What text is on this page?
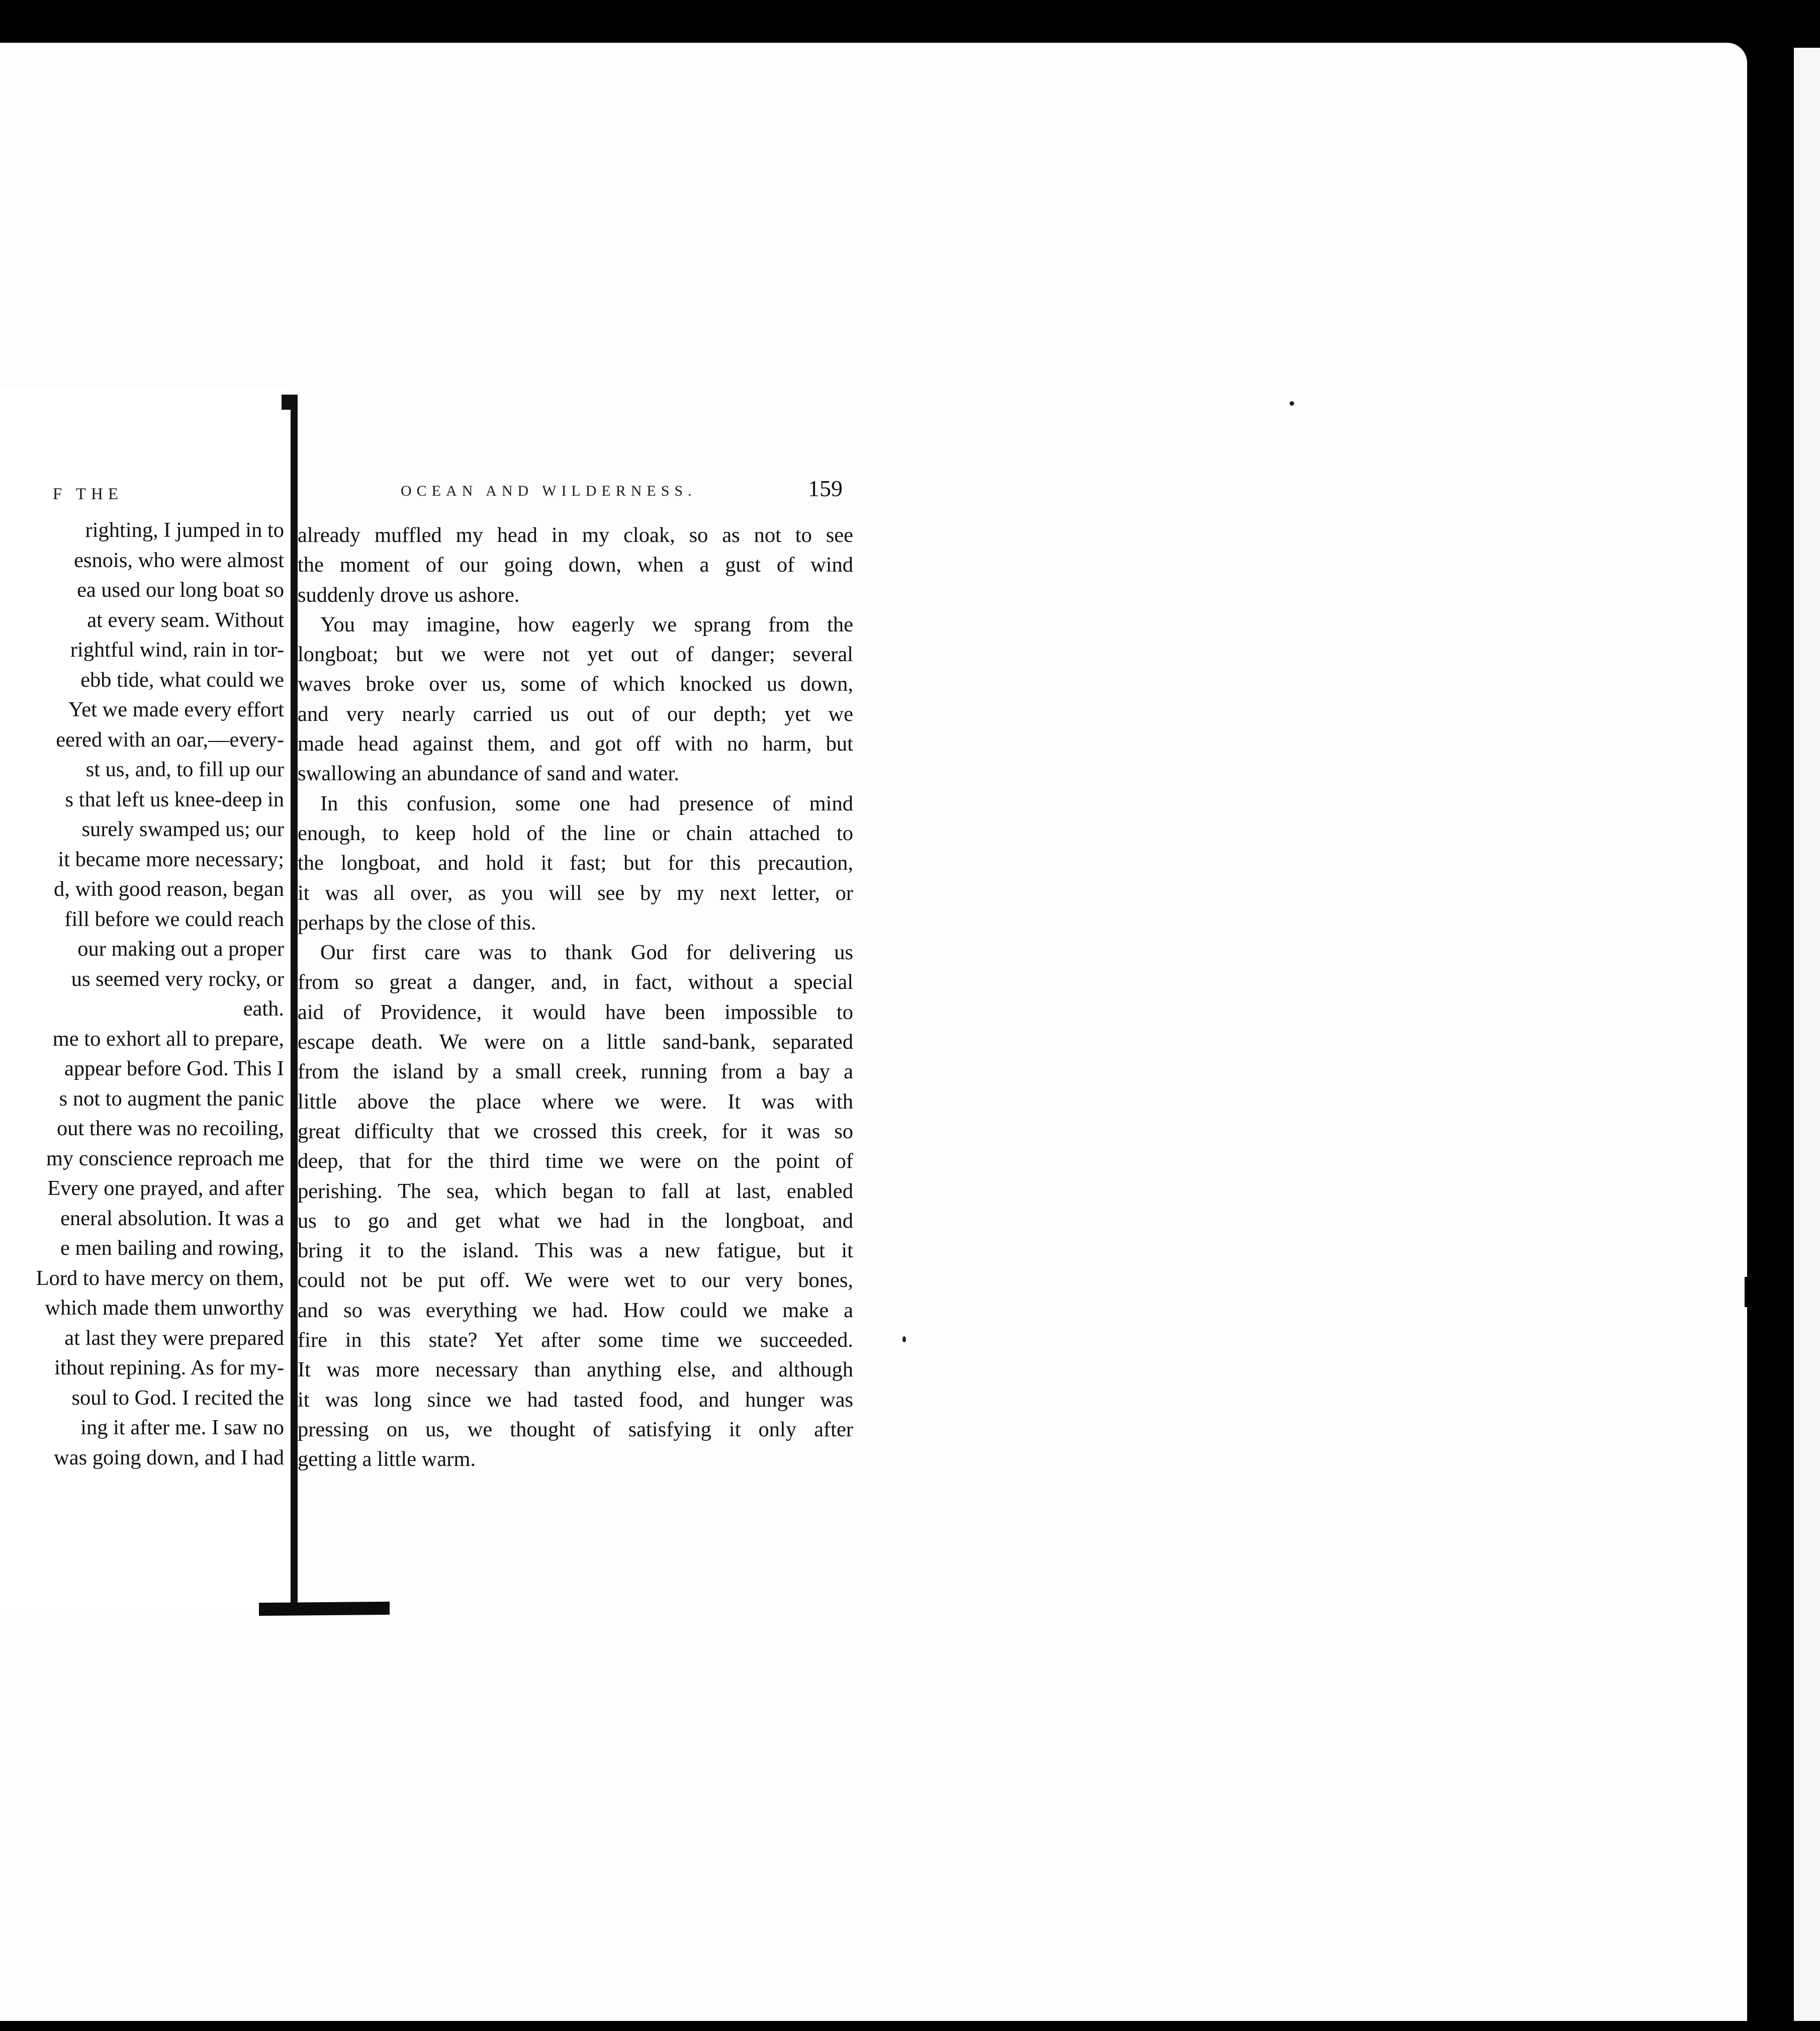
F THE
righting, I jumped in to
esnois, who were almost
ea used our long boat so
at every seam. Without
rightful wind, rain in tor-
ebb tide, what could we
Yet we made every effort
eered with an oar,—every-
st us, and, to fill up our
s that left us knee-deep in
surely swamped us; our
it became more necessary;
d, with good reason, began
fill before we could reach
our making out a proper
us seemed very rocky, or
eath.
me to exhort all to prepare,
appear before God. This I
s not to augment the panic
out there was no recoiling,
my conscience reproach me
Every one prayed, and after
eneral absolution. It was a
e men bailing and rowing,
Lord to have mercy on them,
which made them unworthy
at last they were prepared
ithout repining. As for my-
soul to God. I recited the
ing it after me. I saw no
was going down, and I had
OCEAN AND WILDERNESS.	159
already muffled my head in my cloak, so as not to see
the moment of our going down, when a gust of wind
suddenly drove us ashore.
You may imagine, how eagerly we sprang from the
longboat; but we were not yet out of danger; several
waves broke over us, some of which knocked us down,
and very nearly carried us out of our depth; yet we
made head against them, and got off with no harm, but
swallowing an abundance of sand and water.
In this confusion, some one had presence of mind
enough, to keep hold of the line or chain attached to
the longboat, and hold it fast; but for this precaution,
it was all over, as you will see by my next letter, or
perhaps by the close of this.
Our first care was to thank God for delivering us
from so great a danger, and, in fact, without a special
aid of Providence, it would have been impossible to
escape death. We were on a little sand-bank, separated
from the island by a small creek, running from a bay a
little above the place where we were. It was with
great difficulty that we crossed this creek, for it was so
deep, that for the third time we were on the point of
perishing. The sea, which began to fall at last, enabled
us to go and get what we had in the longboat, and
bring it to the island. This was a new fatigue, but it
could not be put off. We were wet to our very bones,
and so was everything we had. How could we make a
fire in this state? Yet after some time we succeeded.
It was more necessary than anything else, and although
it was long since we had tasted food, and hunger was
pressing on us, we thought of satisfying it only after
getting a little warm.
